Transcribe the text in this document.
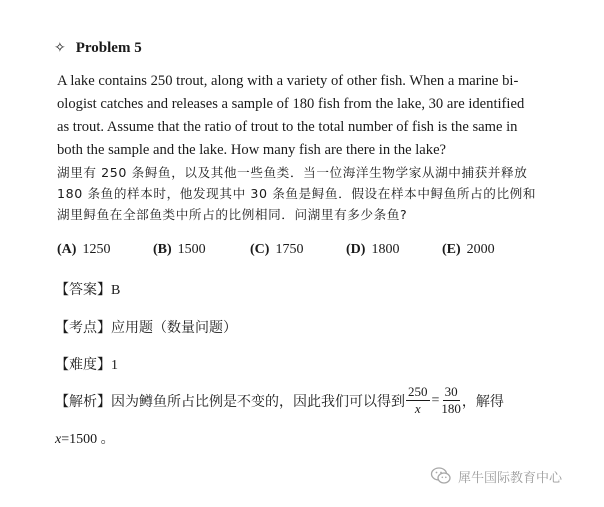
✧ Problem 5
A lake contains 250 trout, along with a variety of other fish. When a marine bi-
ologist catches and releases a sample of 180 fish from the lake, 30 are identified
as trout. Assume that the ratio of trout to the total number of fish is the same in
both the sample and the lake. How many fish are there in the lake?
湖里有 250 条鲟鱼，以及其他一些鱼类．当一位海洋生物学家从湖中捕获并释放
180 条鱼的样本时，他发现其中 30 条鱼是鲟鱼．假设在样本中鲟鱼所占的比例和
湖里鲟鱼在全部鱼类中所占的比例相同．问湖里有多少条鱼?
(A) 1250	(B) 1500	(C) 1750	(D) 1800	(E) 2000
【答案】B
【考点】应用题（数量问题）
【难度】1
【解析】 因为鳟鱼所占比例是不变的，因此我们可以得到 $\frac{250}{x} = \frac{30}{180}$ ，解得
x=1500 。
犀牛国际教育中心
